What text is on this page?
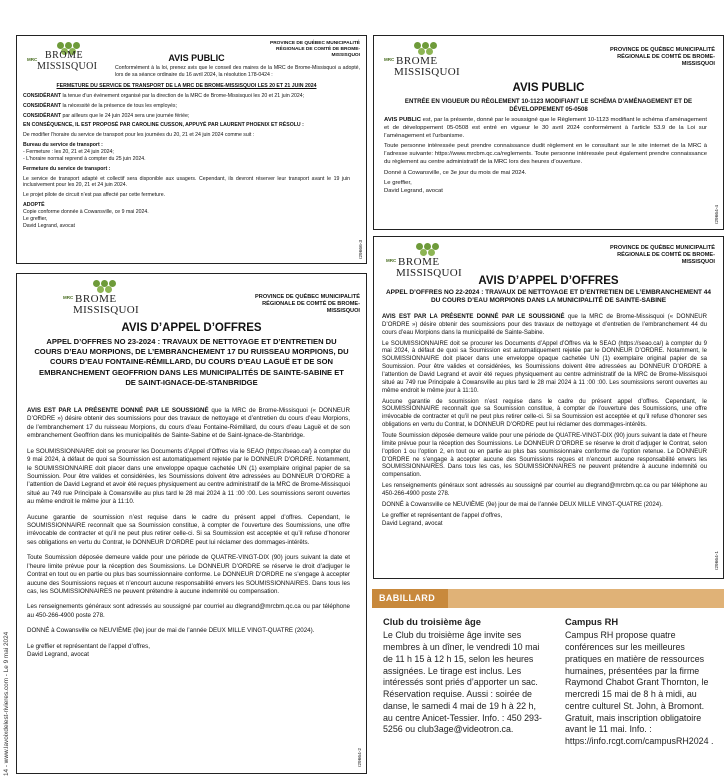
MRC BROME
MISSISQUOI
PROVINCE DE QUÉBEC MUNICIPALITÉ RÉGIONALE DE COMTÉ DE BROME-MISSISQUOI
AVIS PUBLIC
Conformément à la loi, prenez avis que le conseil des maires de la MRC de Brome-Missisquoi a adopté, lors de sa séance ordinaire du 16 avril 2024, la résolution 178-0424 :

FERMETURE DU SERVICE DE TRANSPORT DE LA MRC DE BROME-MISSISQUOI LES 20 ET 21 JUIN 2024

CONSIDÉRANT la tenue d’un événement organisé par la direction de la MRC de Brome-Missisquoi les 20 et 21 juin 2024;

CONSIDÉRANT la nécessité de la présence de tous les employés;

CONSIDÉRANT par ailleurs que le 24 juin 2024 sera une journée fériée;

EN CONSÉQUENCE, IL EST PROPOSÉ PAR CAROLINE CUSSON, APPUYÉ PAR LAURENT PHOENIX ET RÉSOLU :

De modifier l’horaire du service de transport pour les journées du 20, 21 et 24 juin 2024 comme suit :

Bureau du service de transport :

- Fermeture : les 20, 21 et 24 juin 2024;

- L’horaire normal reprend à compter du 25 juin 2024.

Fermeture du service de transport :

Le service de transport adapté et collectif sera disponible aux usagers. Cependant, ils devront réserver leur transport avant le 19 juin inclusivement pour les 20, 21 et 24 juin 2024.

Le projet pilote de circuit n’est pas affecté par cette fermeture.

ADOPTÉ

Copie conforme donnée à Cowansville, ce 9 mai 2024.

Le greffier,

David Legrand, avocat

r29666-3
MRC BROME
MISSISQUOI
PROVINCE DE QUÉBEC MUNICIPALITÉ RÉGIONALE DE COMTÉ DE BROME-MISSISQUOI
AVIS PUBLIC
ENTRÉE EN VIGUEUR DU RÈGLEMENT 10-1123 MODIFIANT LE SCHÉMA D’AMÉNAGEMENT ET DE DÉVELOPPEMENT 05-0508

AVIS PUBLIC est, par la présente, donné par le soussigné que le Règlement 10-1123 modifiant le schéma d’aménagement et de développement 05-0508 est entré en vigueur le 30 avril 2024 conformément à l’article 53.9 de la Loi sur l’aménagement et l’urbanisme.

Toute personne intéressée peut prendre connaissance dudit règlement en le consultant sur le site internet de la MRC à l’adresse suivante: https://www.mrcbm.qc.ca/reglements. Toute personne intéressée peut également prendre connaissance du règlement au centre administratif de la MRC lors des heures d’ouverture.

Donné à Cowansville, ce 3e jour du mois de mai 2024.

Le greffier,

David Legrand, avocat

r29664-4
MRC BROME
MISSISQUOI
PROVINCE DE QUÉBEC MUNICIPALITÉ RÉGIONALE DE COMTÉ DE BROME-MISSISQUOI
AVIS D’APPEL D’OFFRES
APPEL D’OFFRES NO 23-2024 : TRAVAUX DE NETTOYAGE ET D’ENTRETIEN DU COURS D’EAU MORPIONS, DE L’EMBRANCHEMENT 17 DU RUISSEAU MORPIONS, DU COURS D’EAU FONTAINE-RÉMILLARD, DU COURS D’EAU LAGUË ET DE SON EMBRANCHEMENT GEOFFRION DANS LES MUNICIPALITÉS DE SAINTE-SABINE ET DE SAINT-IGNACE-DE-STANBRIDGE

AVIS EST PAR LA PRÉSENTE DONNÉ PAR LE SOUSSIGNÉ que la MRC de Brome-Missisquoi (« DONNEUR D’ORDRE ») désire obtenir des soumissions pour des travaux de nettoyage et d’entretien du cours d’eau Morpions, de l’embranchement 17 du ruisseau Morpions, du cours d’eau Fontaine-Rémillard, du cours d’eau Laguë et de son embranchement Geoffrion dans les municipalités de Sainte-Sabine et de Saint-Ignace-de-Stanbridge.

Le SOUMISSIONNAIRE doit se procurer les Documents d’Appel d’Offres via le SEAO (https://seao.ca/) à compter du 9 mai 2024, à défaut de quoi sa Soumission est automatiquement rejetée par le DONNEUR D’ORDRE. Notamment, le SOUMISSIONNAIRE doit placer dans une enveloppe opaque cachetée UN (1) exemplaire original papier de sa Soumission. Pour être valides et considérées, les Soumissions doivent être adressées au DONNEUR D’ORDRE à l’attention de David Legrand et avoir été reçues physiquement au centre administratif de la MRC de Brome-Missisquoi situé au 749 rue Principale à Cowansville au plus tard le 28 mai 2024 à 11 :00 :00. Les soumissions seront ouvertes au même endroit le même jour à 11:10.

Aucune garantie de soumission n’est requise dans le cadre du présent appel d’offres. Cependant, le SOUMISSIONNAIRE reconnaît que sa Soumission constitue, à compter de l’ouverture des Soumissions, une offre irrévocable de contracter et qu’il ne peut plus retirer celle-ci. Si sa Soumission est acceptée et qu’il refuse d’honorer ses obligations en vertu du Contrat, le DONNEUR D’ORDRE peut lui réclamer des dommages-intérêts.

Toute Soumission déposée demeure valide pour une période de QUATRE-VINGT-DIX (90) jours suivant la date et l’heure limite prévue pour la réception des Soumissions. Le DONNEUR D’ORDRE se réserve le droit d’adjuger le Contrat en tout ou en partie ou plus bas soumissionnaire conforme. Le DONNEUR D’ORDRE ne s’engage à accepter aucune des Soumissions reçues et n’encourt aucune responsabilité envers les SOUMISSIONNAIRES. Dans tous les cas, les SOUMISSIONNAIRES ne peuvent prétendre à aucune indemnité ou compensation.

Les renseignements généraux sont adressés au soussigné par courriel au dlegrand@mrcbm.qc.ca ou par téléphone au 450-266-4900 poste 278.

DONNÉ à Cowansville ce NEUVIÈME (9e) jour de mai de l’année DEUX MILLE VINGT-QUATRE (2024).

Le greffier et représentant de l’appel d’offres,

David Legrand, avocat

r29664-2
MRC BROME
MISSISQUOI
PROVINCE DE QUÉBEC MUNICIPALITÉ RÉGIONALE DE COMTÉ DE BROME-MISSISQUOI
AVIS D’APPEL D’OFFRES
APPEL D’OFFRES NO 22-2024 : TRAVAUX DE NETTOYAGE ET D’ENTRETIEN DE L’EMBRANCHEMENT 44 DU COURS D’EAU MORPIONS DANS LA MUNICIPALITÉ DE SAINTE-SABINE

AVIS EST PAR LA PRÉSENTE DONNÉ PAR LE SOUSSIGNÉ que la MRC de Brome-Missisquoi (« DONNEUR D’ORDRE ») désire obtenir des soumissions pour des travaux de nettoyage et d’entretien de l’embranchement 44 du cours d’eau Morpions dans la municipalité de Sainte-Sabine.

Le SOUMISSIONNAIRE doit se procurer les Documents d’Appel d’Offres via le SEAO (https://seao.ca/) à compter du 9 mai 2024, à défaut de quoi sa Soumission est automatiquement rejetée par le DONNEUR D’ORDRE. Notamment, le SOUMISSIONNAIRE doit placer dans une enveloppe opaque cachetée UN (1) exemplaire original papier de sa Soumission. Pour être valides et considérées, les Soumissions doivent être adressées au DONNEUR D’ORDRE à l’attention de David Legrand et avoir été reçues physiquement au centre administratif de la MRC de Brome-Missisquoi situé au 749 rue Principale à Cowansville au plus tard le 28 mai 2024 à 11 :00 :00. Les soumissions seront ouvertes au même endroit le même jour à 11:10.

Aucune garantie de soumission n’est requise dans le cadre du présent appel d’offres. Cependant, le SOUMISSIONNAIRE reconnaît que sa Soumission constitue, à compter de l’ouverture des Soumissions, une offre irrévocable de contracter et qu’il ne peut plus retirer celle-ci. Si sa Soumission est acceptée et qu’il refuse d’honorer ses obligations en vertu du Contrat, le DONNEUR D’ORDRE peut lui réclamer des dommages-intérêts.

Toute Soumission déposée demeure valide pour une période de QUATRE-VINGT-DIX (90) jours suivant la date et l’heure limite prévue pour la réception des Soumissions. Le DONNEUR D’ORDRE se réserve le droit d’adjuger le Contrat, selon l’option 1 ou l’option 2, en tout ou en partie au plus bas soumissionnaire conforme de l’option retenue. Le DONNEUR D’ORDRE ne s’engage à accepter aucune des Soumissions reçues et n’encourt aucune responsabilité envers les SOUMISSIONNAIRES. Dans tous les cas, les SOUMISSIONNAIRES ne peuvent prétendre à aucune indemnité ou compensation.

Les renseignements généraux sont adressés au soussigné par courriel au dlegrand@mrcbm.qc.ca ou par téléphone au 450-266-4900 poste 278.

DONNÉ à Cowansville ce NEUVIÈME (9e) jour de mai de l’année DEUX MILLE VINGT-QUATRE (2024).

Le greffier et représentant de l’appel d’offres,

David Legrand, avocat

r29664-1
BABILLARD
Club du troisième âge
Le Club du troisième âge invite ses membres à un dîner, le vendredi 10 mai de 11 h 15 à 12 h 15, selon les heures assignées. Le tirage est inclus. Les intéressés sont priés d’apporter un sac. Réservation requise. Aussi : soirée de danse, le samedi 4 mai de 19 h à 22 h, au centre Anicet-Tessier. Info. : 450 293-5256 ou club3age@videotron.ca.
Campus RH
Campus RH propose quatre conférences sur les meilleures pratiques en matière de ressources humaines, présentées par la firme Raymond Chabot Grant Thornton, le mercredi 15 mai de 8 h à midi, au centre culturel St. John, à Bromont. Gratuit, mais inscription obligatoire avant le 11 mai. Info. : https://info.rcgt.com/campusRH2024 .
14 - www.lavoixdelest-rivieres.com - Le 9 mai 2024
